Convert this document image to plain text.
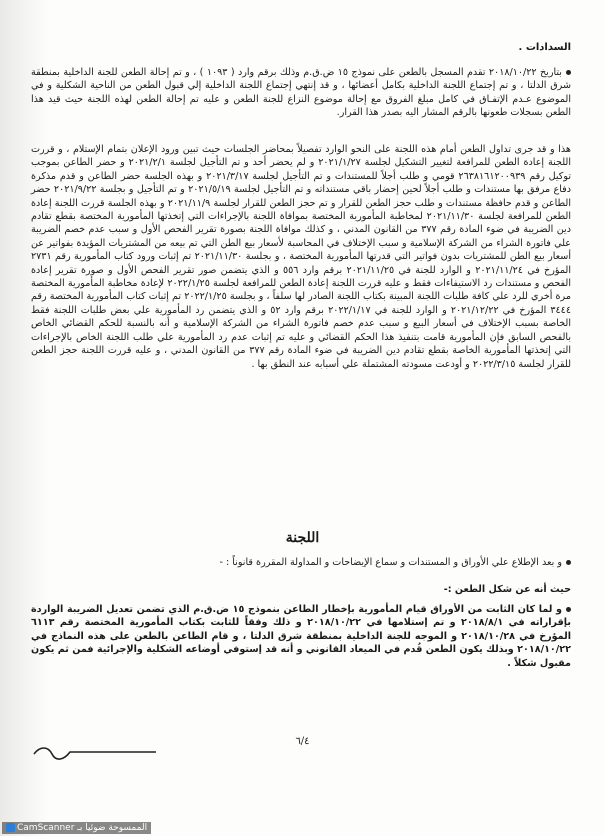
السدادات .
بتاريخ ٢٠١٨/١٠/٢٢ تقدم المسجل بالطعن على نموذج ١٥ ض.ق.م وذلك برقم وارد ( ١٠٩٣ ) ، و تم إحالة الطعن للجنة الداخلية بمنطقة شرق الدلتا ، و تم إجتماع اللجنة الداخلية بكامل أعضائها ، و قد إنتهي إجتماع اللجنة الداخلية إلي قبول الطعن من الناحية الشكلية و في الموضوع عـدم الإتفـاق في كامل مبلغ الفروق مع إحالة موضوع النزاع للجنة الطعن و عليه تم إحالة الطعن لهذه اللجنة حيث قيد هذا الطعن بسجلات طعونها بالرقم المشار اليه بصدر هذا القرار.
هذا و قد جرى تداول الطعن أمام هذه اللجنة على النحو الوارد تفصيلاً بمحاضر الجلسات حيث تبين ورود الإعلان بتمام الإستلام ، و قررت اللجنة إعادة الطعن للمرافعة لتغيير التشكيل لجلسة ٢٠٢١/١/٢٧ و لم يحضر أحد و تم التأجيل لجلسة ٢٠٢١/٢/١ و حضر الطاعن بموجب توكيل رقم ٢٦٣٨١٦١٢٠٠٩٣٩ قومي و طلب أجلاً للمستندات و تم التأجيل لجلسة ٢٠٢١/٣/١٧ و بهذه الجلسة حضر الطاعن و قدم مذكرة دفاع مرفق بها مستندات و طلب أجلاً لحين إحضار باقي مستنداته و تم التأجيل لجلسة ٢٠٢١/٥/١٩ و تم التأجيل و بجلسة ٢٠٢١/٩/٢٢ حضر الطاعن و قدم حافظة مستندات و طلب حجز الطعن للقرار و تم حجز الطعن للقرار لجلسة ٢٠٢١/١١/٩ و بهذه الجلسة قررت اللجنة إعادة الطعن للمرافعة لجلسة ٢٠٢١/١١/٣٠ لمخاطبة المأمورية المختصة بموافاة اللجنة بالإجراءات التي إتخذتها المأمورية المختصة بقطع تقادم دين الضريبة في ضوء المادة رقم ٣٧٧ من القانون المدني ، و كذلك موافاة اللجنة بصورة تقرير الفحص الأول و سبب عدم خصم الضريبة علي فاتورة الشراء من الشركة الإسلامية و سبب الإختلاف في المحاسبة لأسعار بيع الطن التي تم بيعه من المشتريات المؤيدة بفواتير عن أسعار بيع الطن للمشتريات بدون فواتير التي قدرتها المأمورية المختصة ، و بجلسة ٢٠٢١/١١/٣٠ تم إثبات ورود كتاب المأمورية رقم ٢٧٣١ المؤرخ في ٢٠٢١/١١/٢٤ و الوارد للجنة في ٢٠٢١/١١/٢٥ برقم وارد ٥٥٦ و الذي يتضمن صور تقرير الفحص الأول و صورة تقرير إعادة الفحص و مستندات رد الاستيفاءات فقط و عليه قررت اللجنة إعادة الطعن للمرافعة لجلسة ٢٠٢٢/١/٢٥ لإعادة مخاطبة المأمورية المختصة مرة أخري للرد علي كافة طلبات اللجنة المبينة بكتاب اللجنة الصادر لها سلفاً ، و بجلسة ٢٠٢٢/١/٢٥ تم إثبات كتاب المأمورية المختصة رقم ٣٤٤٤ المؤرخ في ٢٠٢١/١٢/٢٢ و الوارد للجنة في ٢٠٢٢/١/١٧ برقم وارد ٥٢ و الذي يتضمن رد المأمورية علي بعض طلبات اللجنة فقط الخاصة بسبب الإختلاف في أسعار البيع و سبب عدم خصم فاتورة الشراء من الشركة الإسلامية و أنه بالنسبة للحكم القضائي الخاص بالفحص السابق فإن المأمورية قامت بتنفيذ هذا الحكم القضائي و عليه تم إثبات عدم رد المأمورية علي طلب اللجنة الخاص بالإجراءات التي إتخذتها المأمورية الخاصة بقطع تقادم دين الضريبة في ضوء المادة رقم ٣٧٧ من القانون المدني ، و عليه قررت اللجنة حجز الطعن للقرار لجلسة ٢٠٢٢/٣/١٥ و أودعت مسودته المشتملة علي أسبابه عند النطق بها .
اللجنة
و بعد الإطلاع علي الأوراق و المستندات و سماع الإيضاحات و المداولة المقررة قانوناً : -
حيث أنه عن شكل الطعن :-
و لما كان الثابت من الأوراق قيام المأمورية بإخطار الطاعن بنموذج ١٥ ض.ق.م الذي تضمن تعديل الضريبة الواردة بإقراراته في ٢٠١٨/٨/١ و تم إستلامها في ٢٠١٨/١٠/٢٢ و ذلك وفقاً للثابت بكتاب المأمورية المختصة رقم ٦١١٣ المؤرخ في ٢٠١٨/١٠/٢٨ و الموجه للجنة الداخلية بمنطقة شرق الدلتا ، و قام الطاعن بالطعن على هذه النماذج في ٢٠١٨/١٠/٢٢ وبذلك يكون الطعن قُدم في الميعاد القانوني و أنه قد إستوفي أوضاعه الشكلية والإجرائية فمن ثم يكون مقبول شكلاً .
٦/٤
CamScanner الممسوحة ضوئيا بـ
